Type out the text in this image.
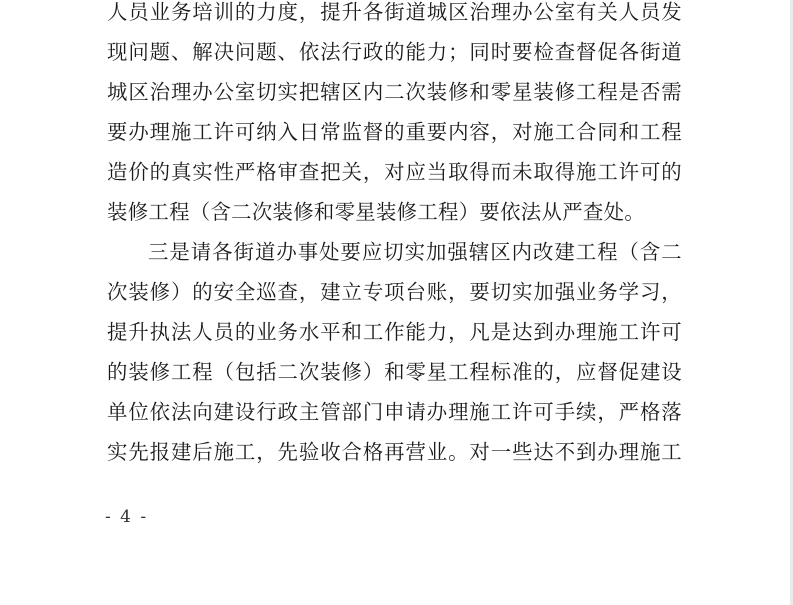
人员业务培训的力度，提升各街道城区治理办公室有关人员发
现问题、解决问题、依法行政的能力；同时要检查督促各街道
城区治理办公室切实把辖区内二次装修和零星装修工程是否需
要办理施工许可纳入日常监督的重要内容，对施工合同和工程
造价的真实性严格审查把关，对应当取得而未取得施工许可的
装修工程（含二次装修和零星装修工程）要依法从严查处。
三是请各街道办事处要应切实加强辖区内改建工程（含二
次装修）的安全巡查，建立专项台账，要切实加强业务学习，
提升执法人员的业务水平和工作能力，凡是达到办理施工许可
的装修工程（包括二次装修）和零星工程标准的，应督促建设
单位依法向建设行政主管部门申请办理施工许可手续，严格落
实先报建后施工，先验收合格再营业。对一些达不到办理施工
- 4 -
